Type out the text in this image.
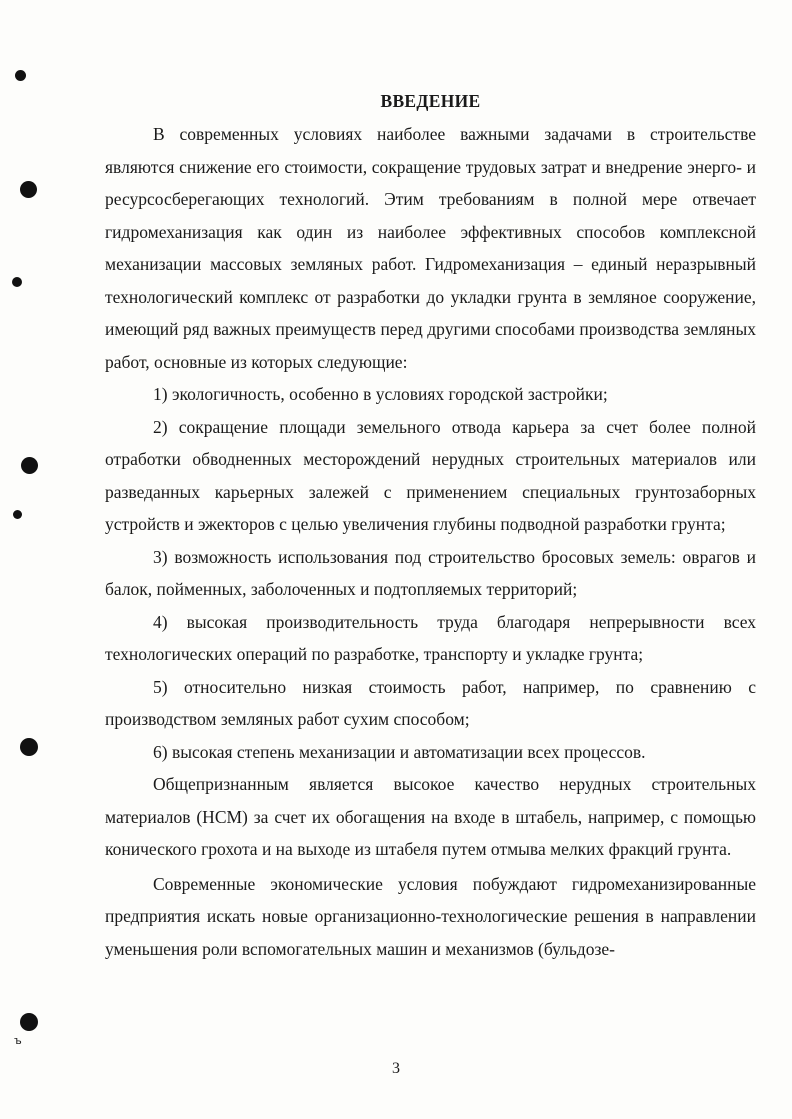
ъ
ВВЕДЕНИЕ

В современных условиях наиболее важными задачами в строительстве являются снижение его стоимости, сокращение трудовых затрат и внедрение энерго- и ресурсосберегающих технологий. Этим требованиям в полной мере отвечает гидромеханизация как один из наиболее эффективных способов комплексной механизации массовых земляных работ. Гидромеханизация – единый неразрывный технологический комплекс от разработки до укладки грунта в земляное сооружение, имеющий ряд важных преимуществ перед другими способами производства земляных работ, основные из которых следующие:

1) экологичность, особенно в условиях городской застройки;

2) сокращение площади земельного отвода карьера за счет более полной отработки обводненных месторождений нерудных строительных материалов или разведанных карьерных залежей с применением специальных грунтозаборных устройств и эжекторов с целью увеличения глубины подводной разработки грунта;

3) возможность использования под строительство бросовых земель: оврагов и балок, пойменных, заболоченных и подтопляемых территорий;

4) высокая производительность труда благодаря непрерывности всех технологических операций по разработке, транспорту и укладке грунта;

5) относительно низкая стоимость работ, например, по сравнению с производством земляных работ сухим способом;

6) высокая степень механизации и автоматизации всех процессов.

Общепризнанным является высокое качество нерудных строительных материалов (НСМ) за счет их обогащения на входе в штабель, например, с помощью конического грохота и на выходе из штабеля путем отмыва мелких фракций грунта.

Современные экономические условия побуждают гидромеханизированные предприятия искать новые организационно-технологические решения в направлении уменьшения роли вспомогательных машин и механизмов (бульдозе-

3
